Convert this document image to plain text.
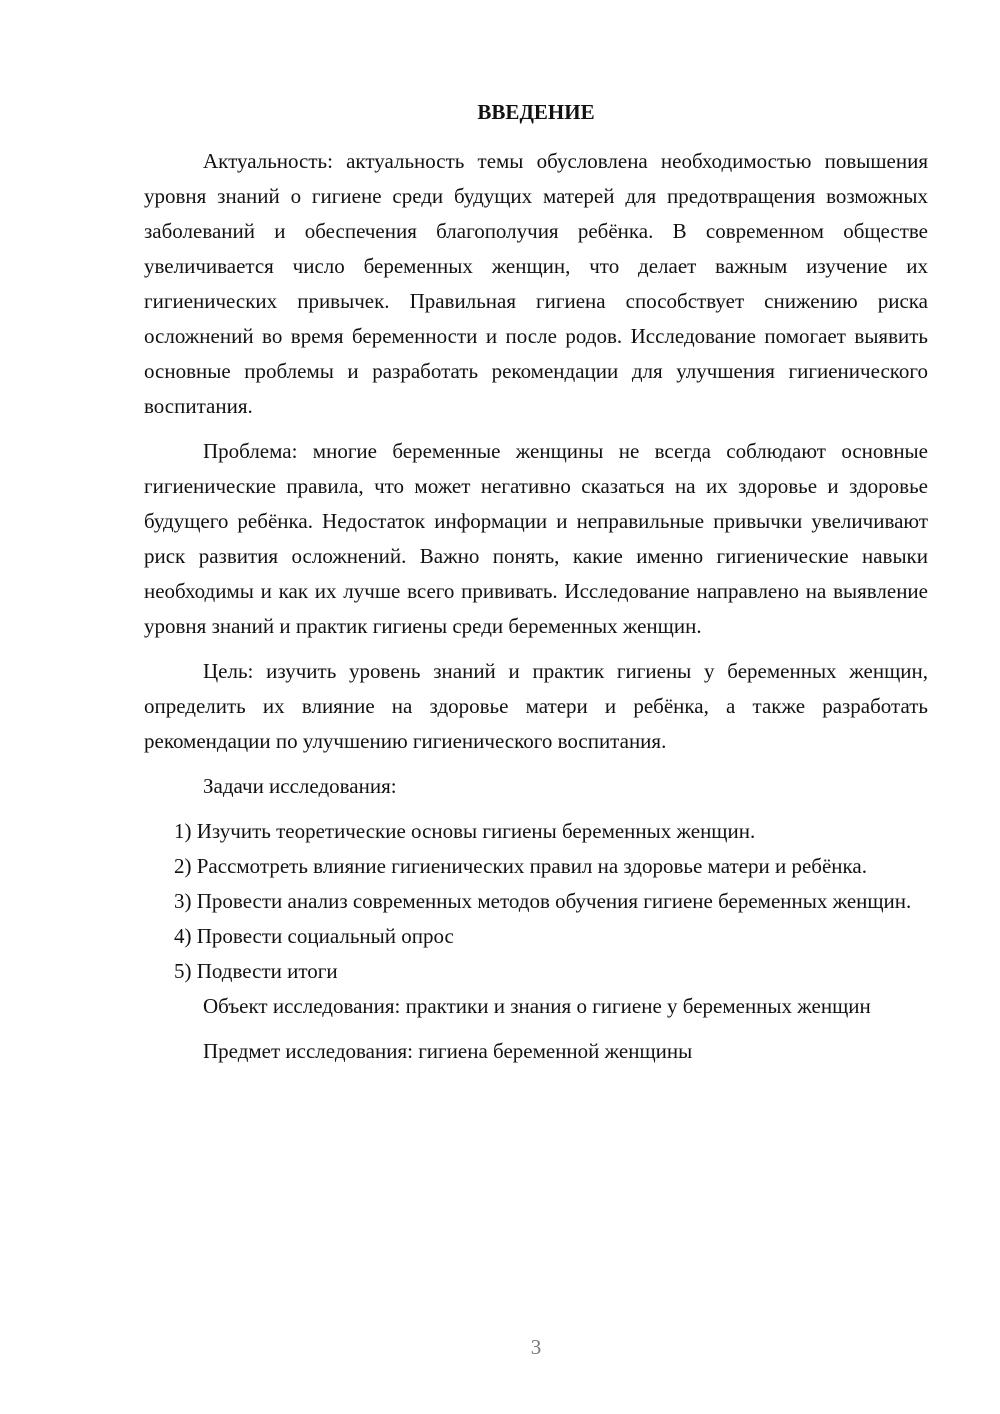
ВВЕДЕНИЕ

Актуальность: актуальность темы обусловлена необходимостью повышения уровня знаний о гигиене среди будущих матерей для предотвращения возможных заболеваний и обеспечения благополучия ребёнка. В современном обществе увеличивается число беременных женщин, что делает важным изучение их гигиенических привычек. Правильная гигиена способствует снижению риска осложнений во время беременности и после родов. Исследование помогает выявить основные проблемы и разработать рекомендации для улучшения гигиенического воспитания.

Проблема: многие беременные женщины не всегда соблюдают основные гигиенические правила, что может негативно сказаться на их здоровье и здоровье будущего ребёнка. Недостаток информации и неправильные привычки увеличивают риск развития осложнений. Важно понять, какие именно гигиенические навыки необходимы и как их лучше всего прививать. Исследование направлено на выявление уровня знаний и практик гигиены среди беременных женщин.

Цель: изучить уровень знаний и практик гигиены у беременных женщин, определить их влияние на здоровье матери и ребёнка, а также разработать рекомендации по улучшению гигиенического воспитания.

Задачи исследования:

1) Изучить теоретические основы гигиены беременных женщин.

2) Рассмотреть влияние гигиенических правил на здоровье матери и ребёнка.

3) Провести анализ современных методов обучения гигиене беременных женщин.

4) Провести социальный опрос

5) Подвести итоги

Объект исследования: практики и знания о гигиене у беременных женщин

Предмет исследования: гигиена беременной женщины

3
